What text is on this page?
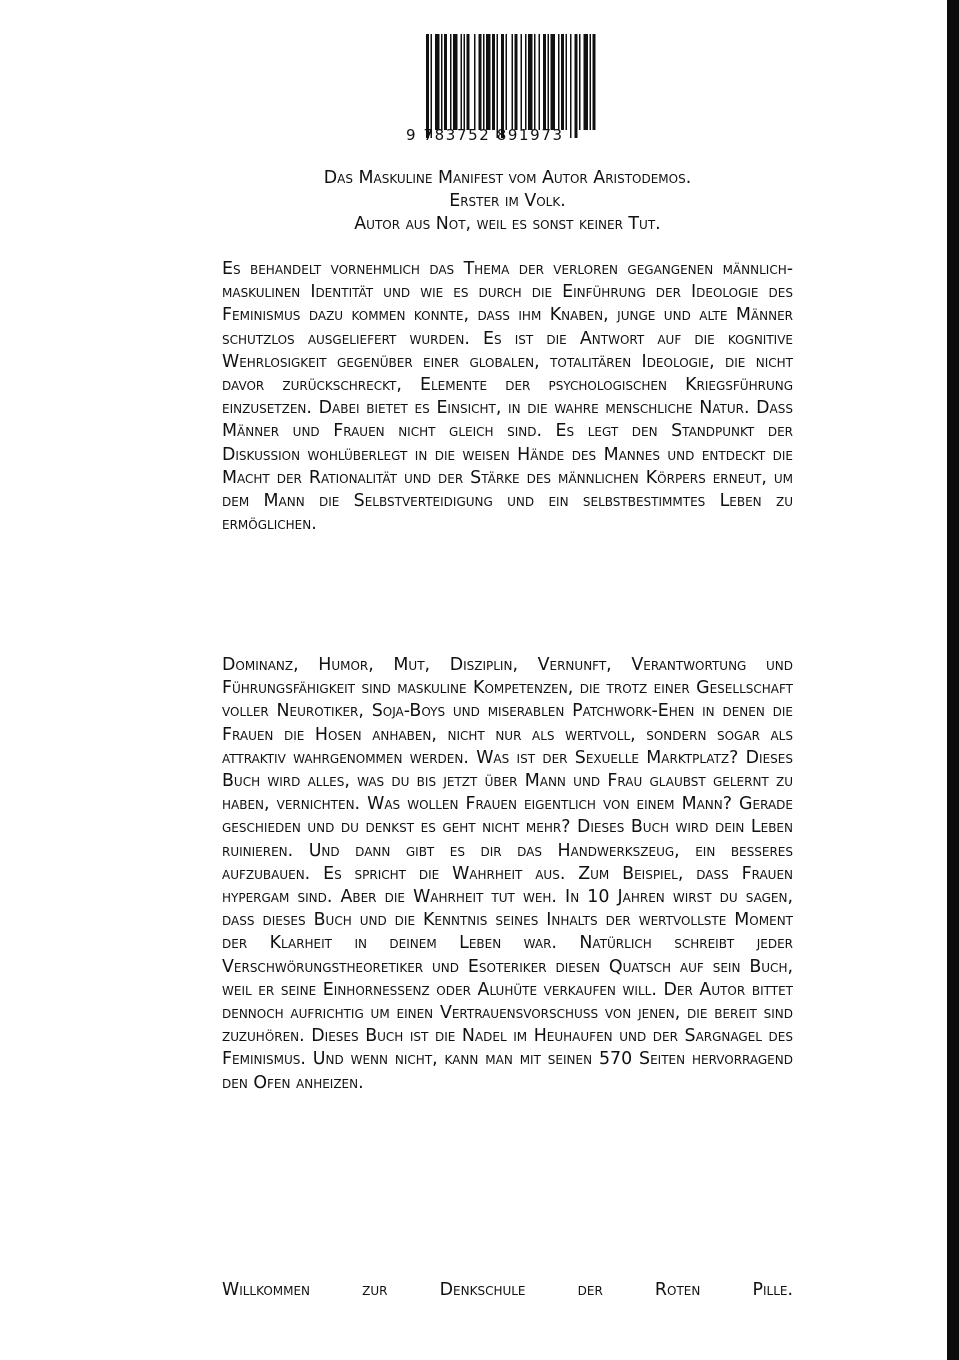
9 783752 891973
Das Maskuline Manifest vom Autor Aristodemos.
Erster im Volk.
Autor aus Not, weil es sonst keiner Tut.
Es behandelt vornehmlich das Thema der verloren gegangenen männlich-maskulinen Identität und wie es durch die Einführung der Ideologie des Feminismus dazu kommen konnte, dass ihm Knaben, junge und alte Männer schutzlos ausgeliefert wurden. Es ist die Antwort auf die kognitive Wehrlosigkeit gegenüber einer globalen, totalitären Ideologie, die nicht davor zurückschreckt, Elemente der psychologischen Kriegsführung einzusetzen. Dabei bietet es Einsicht, in die wahre menschliche Natur. Dass Männer und Frauen nicht gleich sind. Es legt den Standpunkt der Diskussion wohlüberlegt in die weisen Hände des Mannes und entdeckt die Macht der Rationalität und der Stärke des männlichen Körpers erneut, um dem Mann die Selbstverteidigung und ein selbstbestimmtes Leben zu ermöglichen.
Dominanz, Humor, Mut, Disziplin, Vernunft, Verantwortung und Führungsfähigkeit sind maskuline Kompetenzen, die trotz einer Gesellschaft voller Neurotiker, Soja-Boys und miserablen Patchwork-Ehen in denen die Frauen die Hosen anhaben, nicht nur als wertvoll, sondern sogar als attraktiv wahrgenommen werden. Was ist der Sexuelle Marktplatz? Dieses Buch wird alles, was du bis jetzt über Mann und Frau glaubst gelernt zu haben, vernichten. Was wollen Frauen eigentlich von einem Mann? Gerade geschieden und du denkst es geht nicht mehr? Dieses Buch wird dein Leben ruinieren. Und dann gibt es dir das Handwerkszeug, ein besseres aufzubauen. Es spricht die Wahrheit aus. Zum Beispiel, dass Frauen hypergam sind. Aber die Wahrheit tut weh. In 10 Jahren wirst du sagen, dass dieses Buch und die Kenntnis seines Inhalts der wertvollste Moment der Klarheit in deinem Leben war. Natürlich schreibt jeder Verschwörungstheoretiker und Esoteriker diesen Quatsch auf sein Buch, weil er seine Einhornessenz oder Aluhüte verkaufen will. Der Autor bittet dennoch aufrichtig um einen Vertrauensvorschuss von jenen, die bereit sind zuzuhören. Dieses Buch ist die Nadel im Heuhaufen und der Sargnagel des Feminismus. Und wenn nicht, kann man mit seinen 570 Seiten hervorragend den Ofen anheizen.
Willkommen zur Denkschule der Roten Pille.
